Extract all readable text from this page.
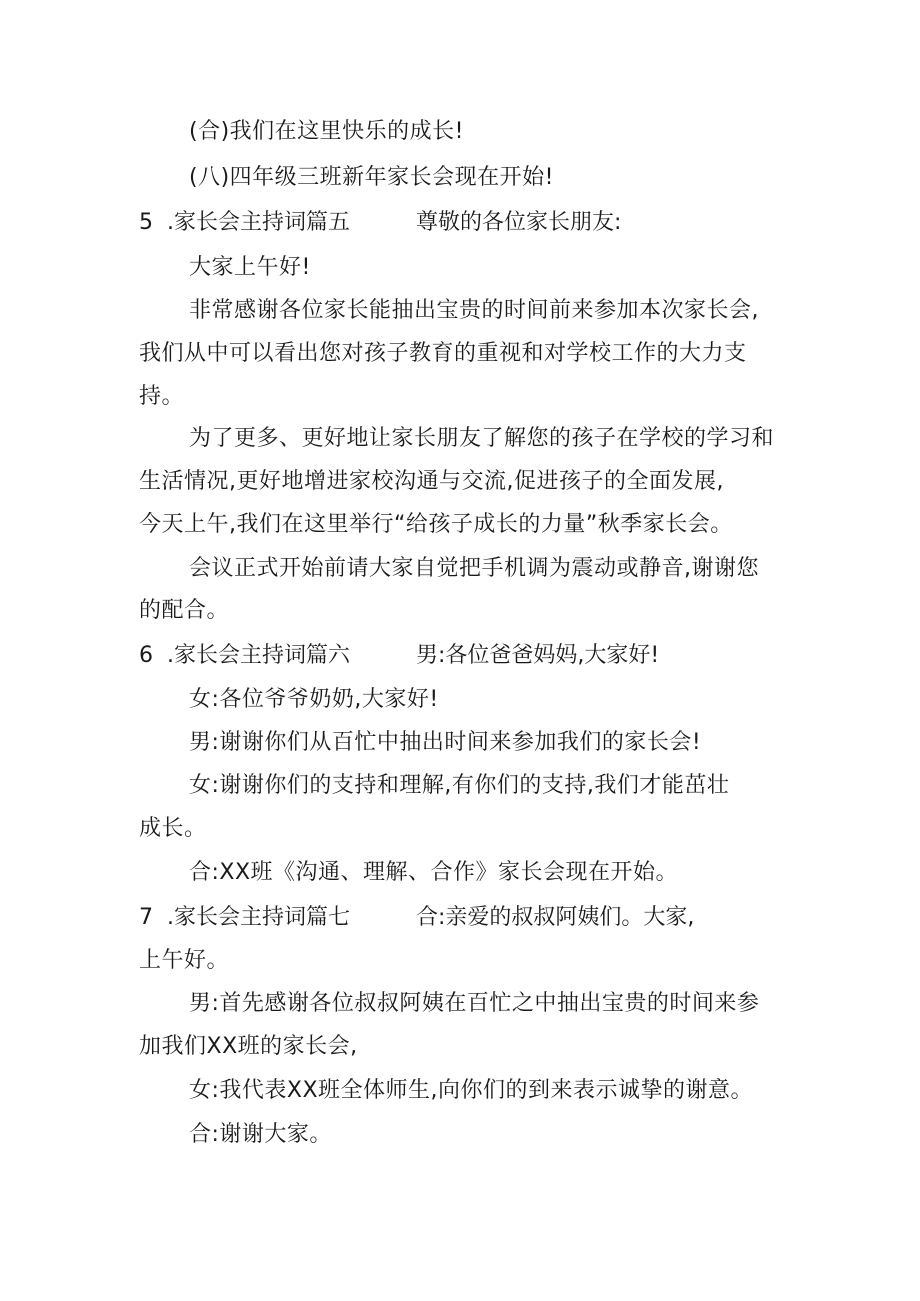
(合)我们在这里快乐的成长!
(八)四年级三班新年家长会现在开始!
5 .家长会主持词篇五	尊敬的各位家长朋友:
大家上午好!
非常感谢各位家长能抽出宝贵的时间前来参加本次家长会,
我们从中可以看出您对孩子教育的重视和对学校工作的大力支
持。
为了更多、更好地让家长朋友了解您的孩子在学校的学习和
生活情况,更好地增进家校沟通与交流,促进孩子的全面发展,
今天上午,我们在这里举行“给孩子成长的力量”秋季家长会。
会议正式开始前请大家自觉把手机调为震动或静音,谢谢您
的配合。
6 .家长会主持词篇六	男:各位爸爸妈妈,大家好!
女:各位爷爷奶奶,大家好!
男:谢谢你们从百忙中抽出时间来参加我们的家长会!
女:谢谢你们的支持和理解,有你们的支持,我们才能茁壮
成长。
合:XX班《沟通、理解、合作》家长会现在开始。
7 .家长会主持词篇七	合:亲爱的叔叔阿姨们。大家,
上午好。
男:首先感谢各位叔叔阿姨在百忙之中抽出宝贵的时间来参
加我们XX班的家长会,
女:我代表XX班全体师生,向你们的到来表示诚挚的谢意。
合:谢谢大家。
